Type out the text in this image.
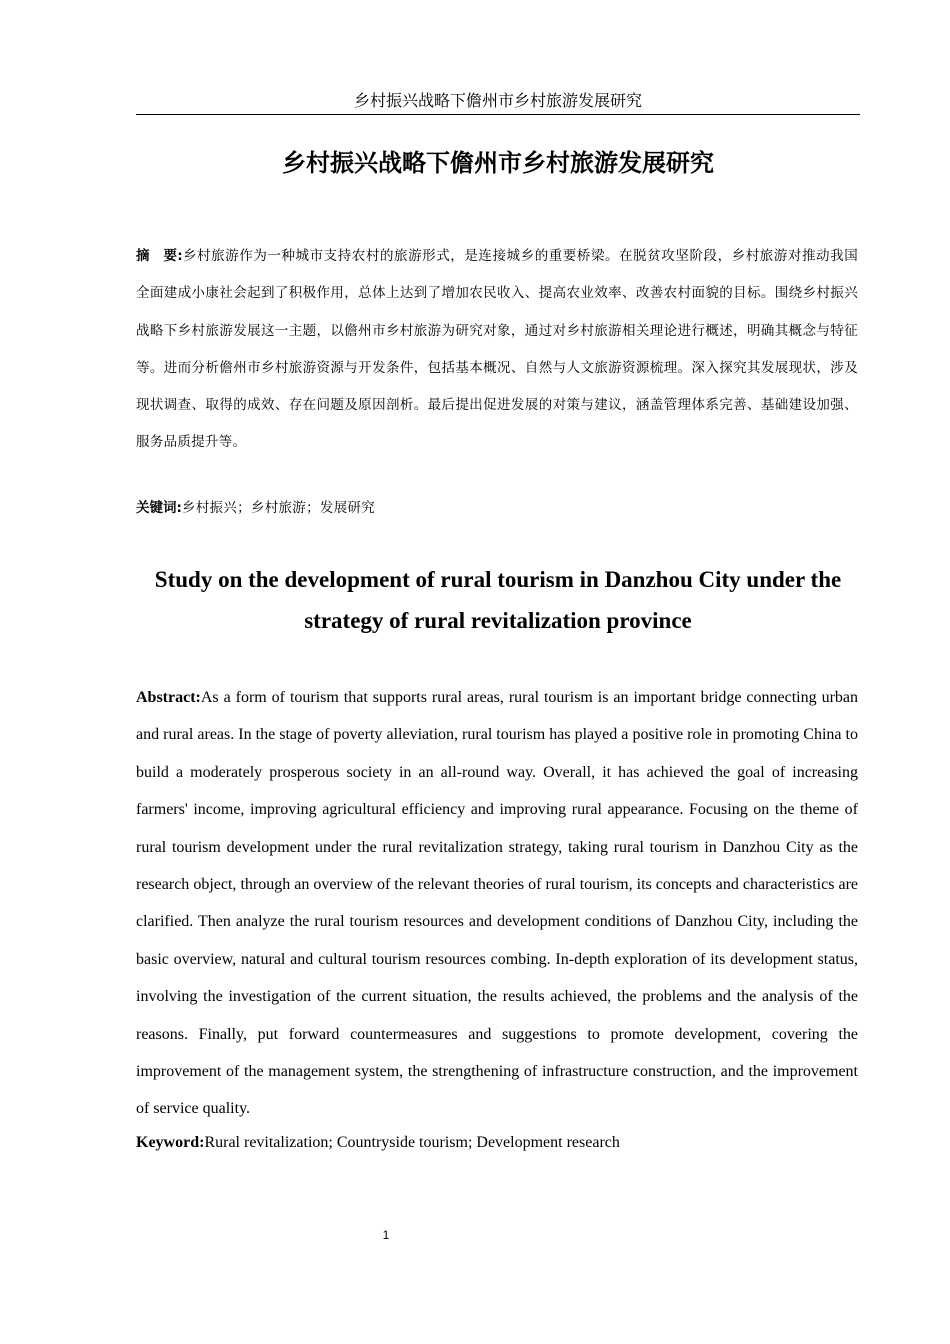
乡村振兴战略下儋州市乡村旅游发展研究
乡村振兴战略下儋州市乡村旅游发展研究
摘　要:乡村旅游作为一种城市支持农村的旅游形式，是连接城乡的重要桥梁。在脱贫攻坚阶段，乡村旅游对推动我国全面建成小康社会起到了积极作用，总体上达到了增加农民收入、提高农业效率、改善农村面貌的目标。围绕乡村振兴战略下乡村旅游发展这一主题，以儋州市乡村旅游为研究对象，通过对乡村旅游相关理论进行概述，明确其概念与特征等。进而分析儋州市乡村旅游资源与开发条件，包括基本概况、自然与人文旅游资源梳理。深入探究其发展现状，涉及现状调查、取得的成效、存在问题及原因剖析。最后提出促进发展的对策与建议，涵盖管理体系完善、基础建设加强、服务品质提升等。
关键词:乡村振兴；乡村旅游；发展研究
Study on the development of rural tourism in Danzhou City under the strategy of rural revitalization province
Abstract:As a form of tourism that supports rural areas, rural tourism is an important bridge connecting urban and rural areas. In the stage of poverty alleviation, rural tourism has played a positive role in promoting China to build a moderately prosperous society in an all-round way. Overall, it has achieved the goal of increasing farmers' income, improving agricultural efficiency and improving rural appearance. Focusing on the theme of rural tourism development under the rural revitalization strategy, taking rural tourism in Danzhou City as the research object, through an overview of the relevant theories of rural tourism, its concepts and characteristics are clarified. Then analyze the rural tourism resources and development conditions of Danzhou City, including the basic overview, natural and cultural tourism resources combing. In-depth exploration of its development status, involving the investigation of the current situation, the results achieved, the problems and the analysis of the reasons. Finally, put forward countermeasures and suggestions to promote development, covering the improvement of the management system, the strengthening of infrastructure construction, and the improvement of service quality.
Keyword:Rural revitalization; Countryside tourism; Development research
1
